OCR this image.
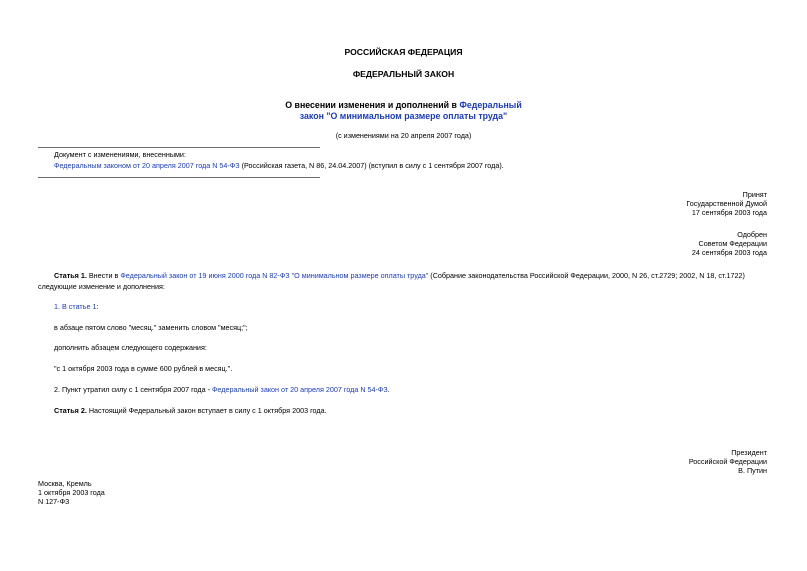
РОССИЙСКАЯ ФЕДЕРАЦИЯ
ФЕДЕРАЛЬНЫЙ ЗАКОН
О внесении изменения и дополнений в Федеральный
закон "О минимальном размере оплаты труда"
(с изменениями на 20 апреля 2007 года)
Документ с изменениями, внесенными:
Федеральным законом от 20 апреля 2007 года N 54-ФЗ (Российская газета, N 86, 24.04.2007) (вступил в силу с 1 сентября 2007 года).
Принят
Государственной Думой
17 сентября 2003 года
Одобрен
Советом Федерации
24 сентября 2003 года
Статья 1. Внести в Федеральный закон от 19 июня 2000 года N 82-ФЗ "О минимальном размере оплаты труда" (Собрание законодательства Российской Федерации, 2000, N 26, ст.2729; 2002, N 18, ст.1722)
следующие изменение и дополнения:
1. В статье 1:
в абзаце пятом слово "месяц." заменить словом "месяц;";
дополнить абзацем следующего содержания:
"с 1 октября 2003 года в сумме 600 рублей в месяц.".
2. Пункт утратил силу с 1 сентября 2007 года - Федеральный закон от 20 апреля 2007 года N 54-ФЗ.
Статья 2. Настоящий Федеральный закон вступает в силу с 1 октября 2003 года.
Президент
Российской Федерации
В. Путин
Москва, Кремль
1 октября 2003 года
N 127-ФЗ
